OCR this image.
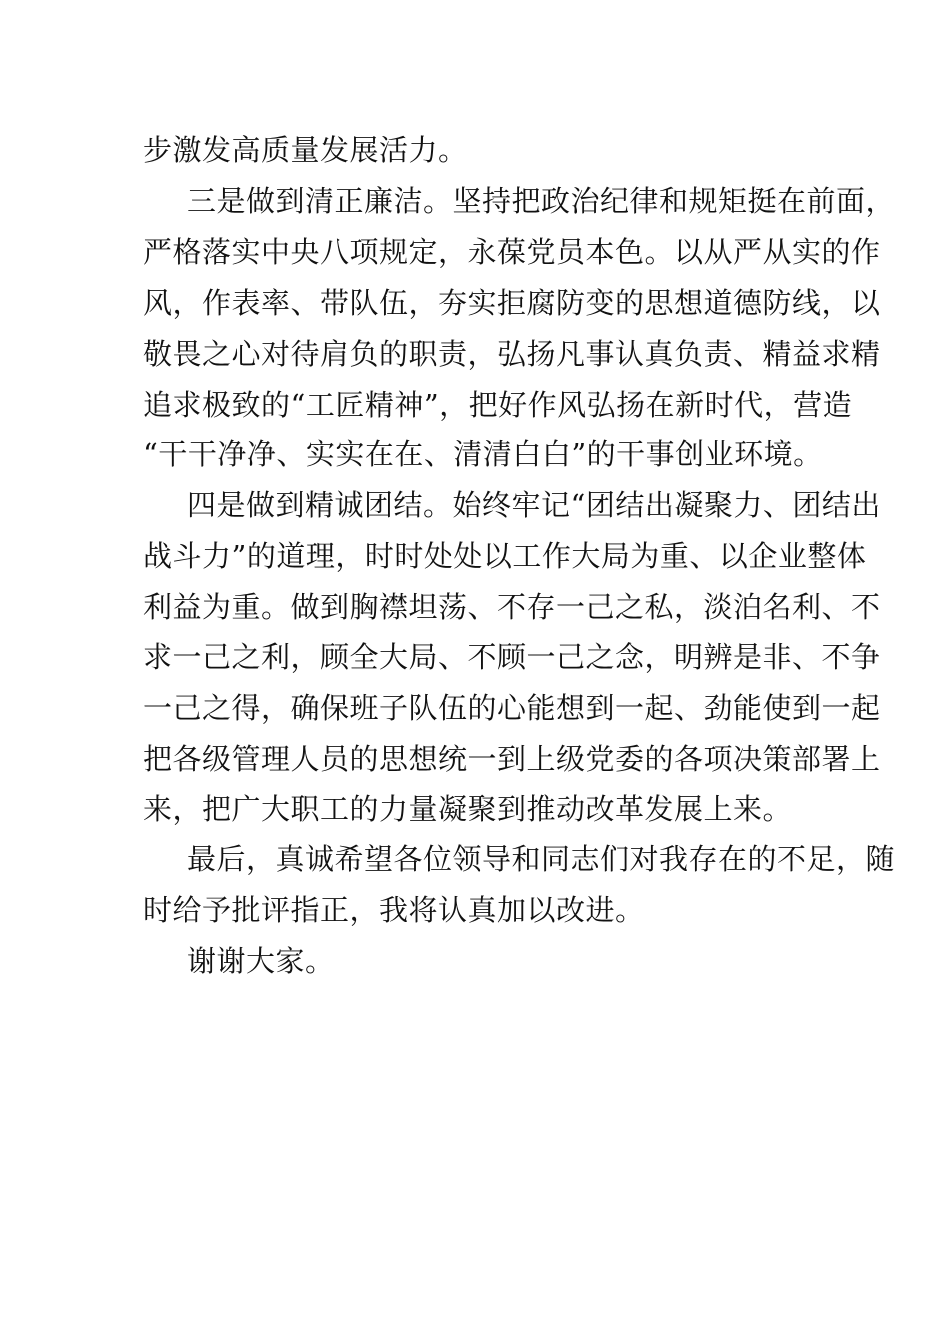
步激发高质量发展活力。
三是做到清正廉洁。坚持把政治纪律和规矩挺在前面，
严格落实中央八项规定，永葆党员本色。以从严从实的作
风，作表率、带队伍，夯实拒腐防变的思想道德防线，以
敬畏之心对待肩负的职责，弘扬凡事认真负责、精益求精
追求极致的“工匠精神”，把好作风弘扬在新时代，营造
“干干净净、实实在在、清清白白”的干事创业环境。
四是做到精诚团结。始终牢记“团结出凝聚力、团结出
战斗力”的道理，时时处处以工作大局为重、以企业整体
利益为重。做到胸襟坦荡、不存一己之私，淡泊名利、不
求一己之利，顾全大局、不顾一己之念，明辨是非、不争
一己之得，确保班子队伍的心能想到一起、劲能使到一起
把各级管理人员的思想统一到上级党委的各项决策部署上
来，把广大职工的力量凝聚到推动改革发展上来。
最后，真诚希望各位领导和同志们对我存在的不足，随
时给予批评指正，我将认真加以改进。
谢谢大家。
